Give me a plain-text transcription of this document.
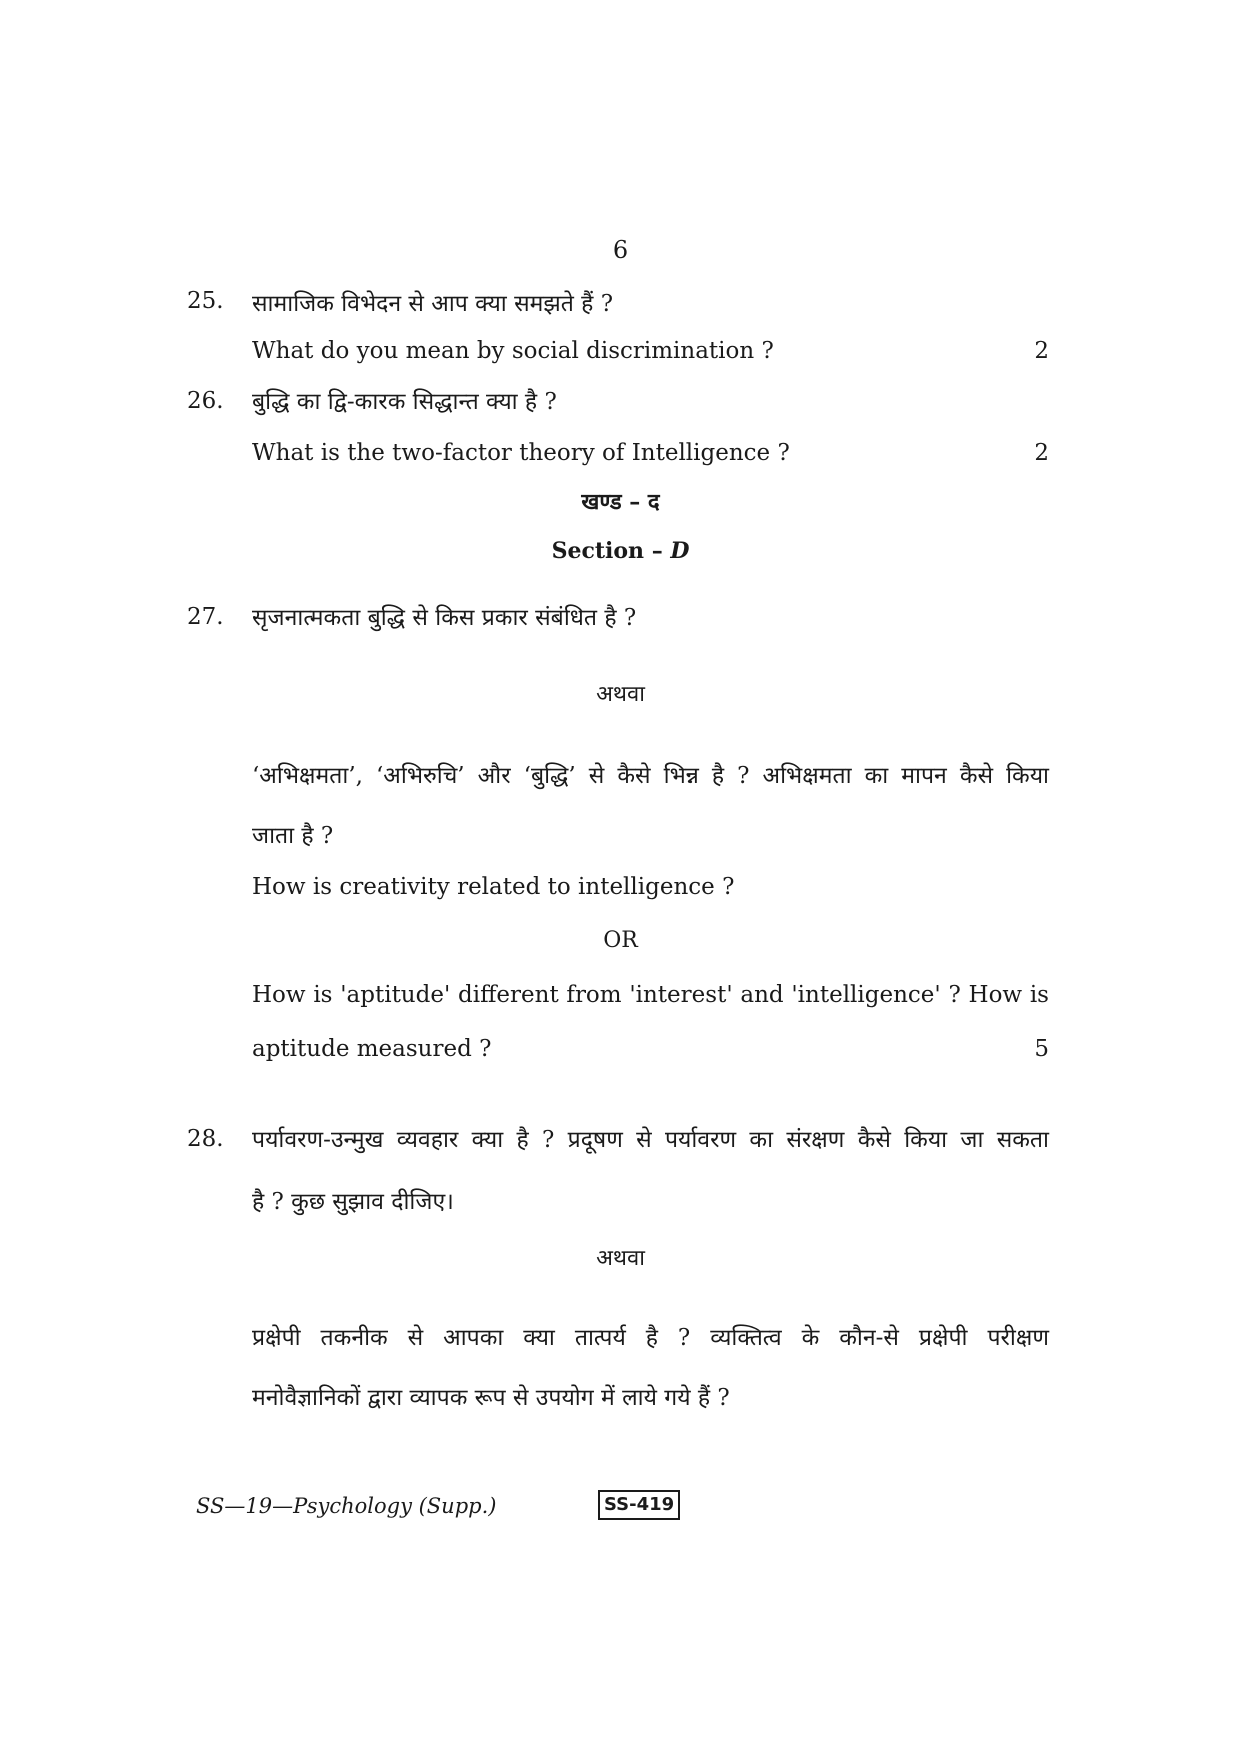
6
25. सामाजिक विभेदन से आप क्या समझते हैं ?
What do you mean by social discrimination ?	2
26. बुद्धि का द्वि-कारक सिद्धान्त क्या है ?
What is the two-factor theory of Intelligence ?	2
खण्ड – द
Section – D
27. सृजनात्मकता बुद्धि से किस प्रकार संबंधित है ?
अथवा
‘अभिक्षमता’, ‘अभिरुचि’ और ‘बुद्धि’ से कैसे भिन्न है ? अभिक्षमता का मापन कैसे किया
जाता है ?
How is creativity related to intelligence ?
OR
How is 'aptitude' different from 'interest' and 'intelligence' ? How is
aptitude measured ?	5
28. पर्यावरण-उन्मुख व्यवहार क्या है ? प्रदूषण से पर्यावरण का संरक्षण कैसे किया जा सकता
है ? कुछ सुझाव दीजिए।
अथवा
प्रक्षेपी तकनीक से आपका क्या तात्पर्य है ? व्यक्तित्व के कौन-से प्रक्षेपी परीक्षण
मनोवैज्ञानिकों द्वारा व्यापक रूप से उपयोग में लाये गये हैं ?
SS—19—Psychology (Supp.)	SS-419
